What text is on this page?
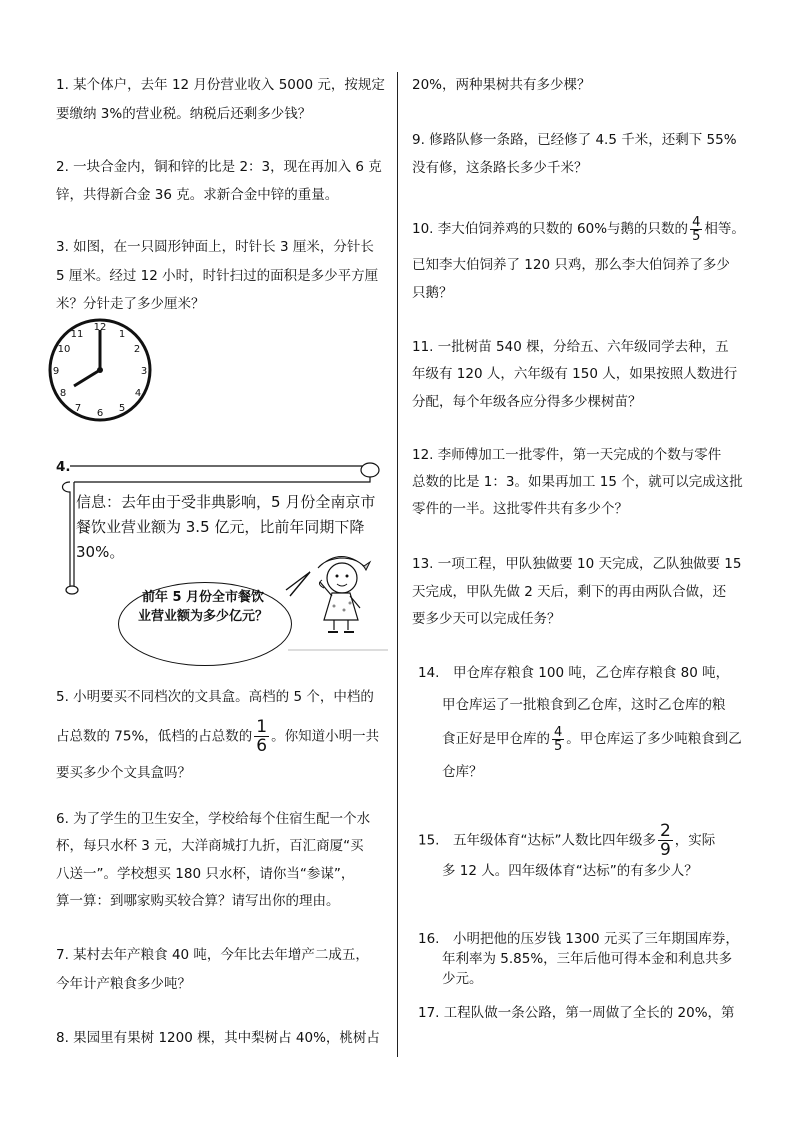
1. 某个体户，去年 12 月份营业收入 5000 元，按规定
要缴纳 3%的营业税。纳税后还剩多少钱？
2. 一块合金内，铜和锌的比是 2：3，现在再加入 6 克
锌，共得新合金 36 克。求新合金中锌的重量。
3. 如图，在一只圆形钟面上，时针长 3 厘米，分针长
5 厘米。经过 12 小时，时针扫过的面积是多少平方厘
米？分针走了多少厘米？
12
1
2
3
4
5
6
7
8
9
10
11
4.
信息：去年由于受非典影响，5 月份全南京市餐饮业营业额为 3.5 亿元，比前年同期下降 30%。
前年 5 月份全市餐饮业营业额为多少亿元？
5. 小明要买不同档次的文具盒。高档的 5 个，中档的
占总数的 75%，低档的占总数的 $\frac{1}{6}$ 。你知道小明一共
要买多少个文具盒吗？
6. 为了学生的卫生安全，学校给每个住宿生配一个水
杯，每只水杯 3 元，大洋商城打九折，百汇商厦“买
八送一”。学校想买 180 只水杯，请你当“参谋”，
算一算：到哪家购买较合算？请写出你的理由。
7. 某村去年产粮食 40 吨，今年比去年增产二成五，
今年计产粮食多少吨？
8. 果园里有果树 1200 棵，其中梨树占 40%，桃树占
20%，两种果树共有多少棵？
9. 修路队修一条路，已经修了 4.5 千米，还剩下 55%
没有修，这条路长多少千米？
10. 李大伯饲养鸡的只数的 60%与鹅的只数的 $\frac{4}{5}$ 相等。
已知李大伯饲养了 120 只鸡，那么李大伯饲养了多少
只鹅？
11. 一批树苗 540 棵，分给五、六年级同学去种，五
年级有 120 人，六年级有 150 人，如果按照人数进行
分配，每个年级各应分得多少棵树苗？
12. 李师傅加工一批零件，第一天完成的个数与零件
总数的比是 1：3。如果再加工 15 个，就可以完成这批
零件的一半。这批零件共有多少个？
13. 一项工程，甲队独做要 10 天完成，乙队独做要 15
天完成，甲队先做 2 天后，剩下的再由两队合做，还
要多少天可以完成任务？
14.　甲仓库存粮食 100 吨，乙仓库存粮食 80 吨，
甲仓库运了一批粮食到乙仓库，这时乙仓库的粮
食正好是甲仓库的 $\frac{4}{5}$ 。甲仓库运了多少吨粮食到乙
仓库？
15.　五年级体育“达标”人数比四年级多 $\frac{2}{9}$ ，实际
多 12 人。四年级体育“达标”的有多少人？
16.　小明把他的压岁钱 1300 元买了三年期国库券，
年利率为 5.85%，三年后他可得本金和利息共多
少元。
17. 工程队做一条公路，第一周做了全长的 20%，第
